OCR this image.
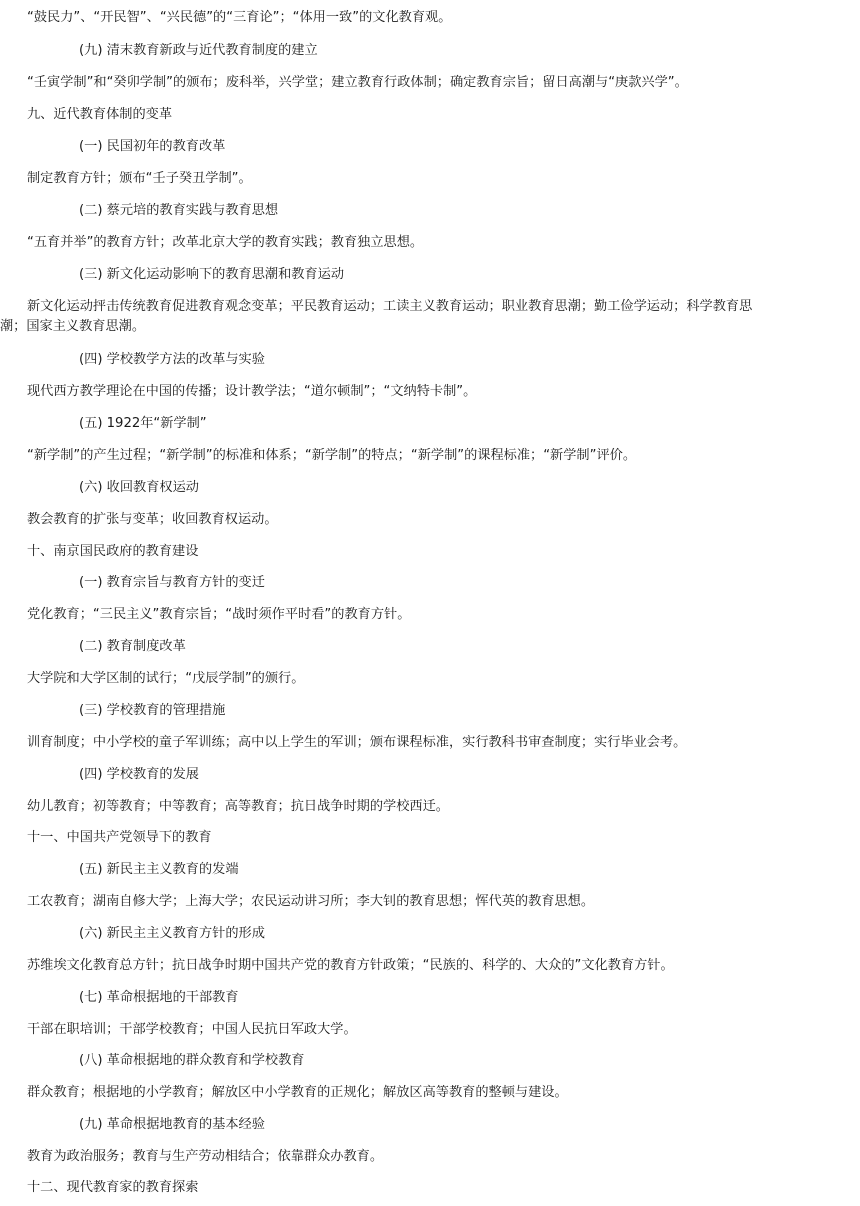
“鼓民力”、“开民智”、“兴民德”的“三育论”；“体用一致”的文化教育观。
(九) 清末教育新政与近代教育制度的建立
“壬寅学制”和“癸卯学制”的颁布；废科举，兴学堂；建立教育行政体制；确定教育宗旨；留日高潮与“庚款兴学”。
九、近代教育体制的变革
(一) 民国初年的教育改革
制定教育方针；颁布“壬子癸丑学制”。
(二) 蔡元培的教育实践与教育思想
“五育并举”的教育方针；改革北京大学的教育实践；教育独立思想。
(三) 新文化运动影响下的教育思潮和教育运动
新文化运动抨击传统教育促进教育观念变革；平民教育运动；工读主义教育运动；职业教育思潮；勤工俭学运动；科学教育思
潮；国家主义教育思潮。
(四) 学校教学方法的改革与实验
现代西方教学理论在中国的传播；设计教学法；“道尔顿制”；“文纳特卡制”。
(五) 1922年“新学制”
“新学制”的产生过程；“新学制”的标准和体系；“新学制”的特点；“新学制”的课程标准；“新学制”评价。
(六) 收回教育权运动
教会教育的扩张与变革；收回教育权运动。
十、南京国民政府的教育建设
(一) 教育宗旨与教育方针的变迁
党化教育；“三民主义”教育宗旨；“战时须作平时看”的教育方针。
(二) 教育制度改革
大学院和大学区制的试行；“戊辰学制”的颁行。
(三) 学校教育的管理措施
训育制度；中小学校的童子军训练；高中以上学生的军训；颁布课程标准，实行教科书审查制度；实行毕业会考。
(四) 学校教育的发展
幼儿教育；初等教育；中等教育；高等教育；抗日战争时期的学校西迁。
十一、中国共产党领导下的教育
(五) 新民主主义教育的发端
工农教育；湖南自修大学；上海大学；农民运动讲习所；李大钊的教育思想；恽代英的教育思想。
(六) 新民主主义教育方针的形成
苏维埃文化教育总方针；抗日战争时期中国共产党的教育方针政策；“民族的、科学的、大众的”文化教育方针。
(七) 革命根据地的干部教育
干部在职培训；干部学校教育；中国人民抗日军政大学。
(八) 革命根据地的群众教育和学校教育
群众教育；根据地的小学教育；解放区中小学教育的正规化；解放区高等教育的整顿与建设。
(九) 革命根据地教育的基本经验
教育为政治服务；教育与生产劳动相结合；依靠群众办教育。
十二、现代教育家的教育探索
